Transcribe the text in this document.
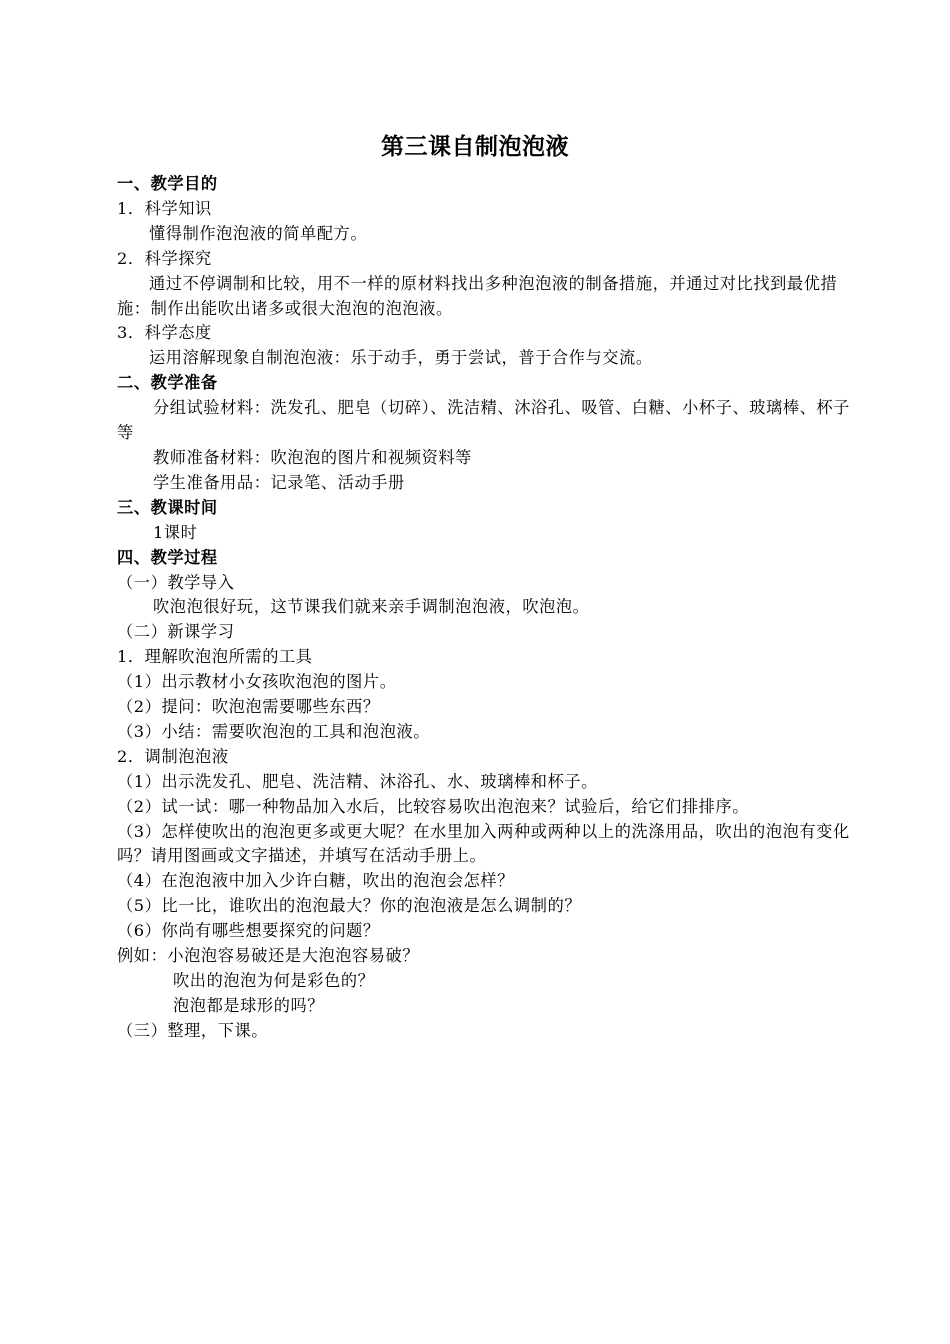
第三课自制泡泡液

一、教学目的

1．科学知识

懂得制作泡泡液的简单配方。

2．科学探究

通过不停调制和比较，用不一样的原材料找出多种泡泡液的制备措施，并通过对比找到最优措施：制作出能吹出诸多或很大泡泡的泡泡液。

3．科学态度

运用溶解现象自制泡泡液：乐于动手，勇于尝试，普于合作与交流。

二、教学准备

分组试验材料：洗发孔、肥皂（切碎）、洗洁精、沐浴孔、吸管、白糖、小杯子、玻璃棒、杯子等

教师准备材料：吹泡泡的图片和视频资料等

学生准备用品：记录笔、活动手册

三、教课时间

1课时

四、教学过程

（一）教学导入

吹泡泡很好玩，这节课我们就来亲手调制泡泡液，吹泡泡。

（二）新课学习

1．理解吹泡泡所需的工具

（1）出示教材小女孩吹泡泡的图片。

（2）提问：吹泡泡需要哪些东西？

（3）小结：需要吹泡泡的工具和泡泡液。

2．调制泡泡液

（1）出示洗发孔、肥皂、洗洁精、沐浴孔、水、玻璃棒和杯子。

（2）试一试：哪一种物品加入水后，比较容易吹出泡泡来？试验后，给它们排排序。

（3）怎样使吹出的泡泡更多或更大呢？在水里加入两种或两种以上的洗涤用品，吹出的泡泡有变化吗？请用图画或文字描述，并填写在活动手册上。

（4）在泡泡液中加入少许白糖，吹出的泡泡会怎样？

（5）比一比，谁吹出的泡泡最大？你的泡泡液是怎么调制的？

（6）你尚有哪些想要探究的问题？

例如：小泡泡容易破还是大泡泡容易破？

吹出的泡泡为何是彩色的？

泡泡都是球形的吗？

（三）整理，下课。
